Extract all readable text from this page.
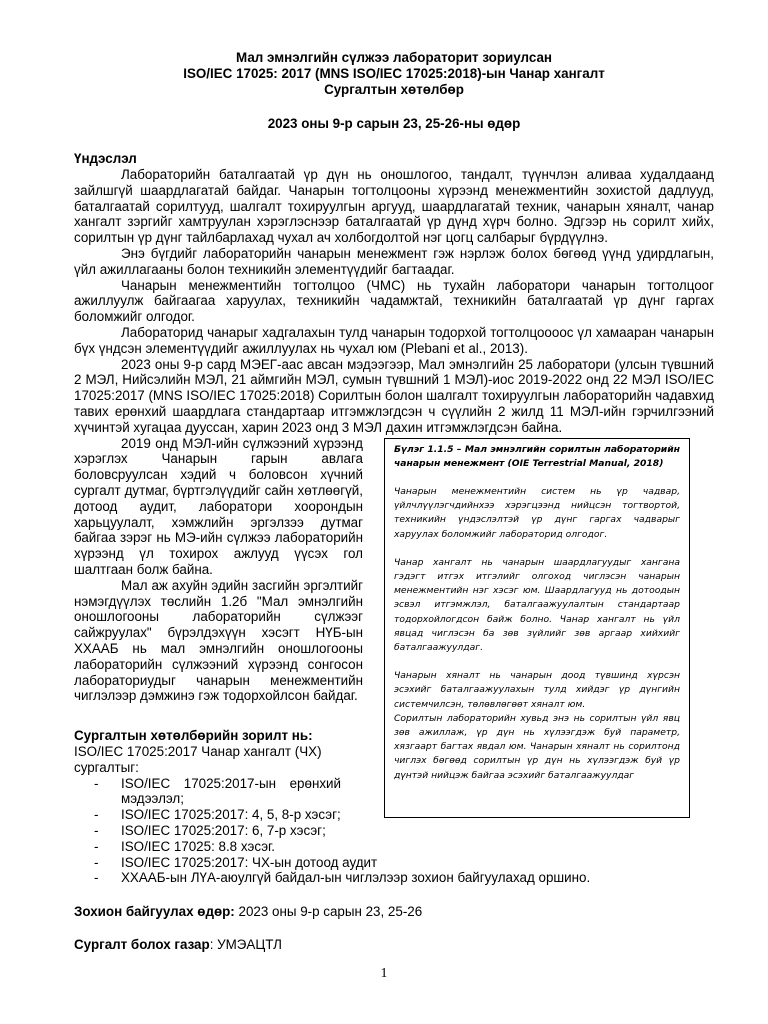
Мал эмнэлгийн сүлжээ лабораторит зориулсан
ISO/IEC 17025: 2017 (MNS ISO/IEC 17025:2018)-ын Чанар хангалт
Сургалтын хөтөлбөр
2023 оны 9-р сарын 23, 25-26-ны өдөр
Үндэслэл

Лабораторийн баталгаатай үр дүн нь оношлогоо, тандалт, түүнчлэн аливаа худалдаанд зайлшгүй шаардлагатай байдаг. Чанарын тогтолцооны хүрээнд менежментийн зохистой дадлууд, баталгаатай сорилтууд, шалгалт тохируулгын аргууд, шаардлагатай техник, чанарын хяналт, чанар хангалт зэргийг хамтруулан хэрэглэснээр баталгаатай үр дүнд хүрч болно. Эдгээр нь сорилт хийх, сорилтын үр дүнг тайлбарлахад чухал ач холбогдолтой нэг цогц салбарыг бүрдүүлнэ.

Энэ бүгдийг лабораторийн чанарын менежмент гэж нэрлэж болох бөгөөд үүнд удирдлагын, үйл ажиллагааны болон техникийн элементүүдийг багтаадаг.

Чанарын менежментийн тогтолцоо (ЧМС) нь тухайн лаборатори чанарын тогтолцоог ажиллуулж байгаагаа харуулах, техникийн чадамжтай, техникийн баталгаатай үр дүнг гаргах боломжийг олгодог.

Лабораторид чанарыг хадгалахын тулд чанарын тодорхой тогтолцоооос үл хамааран чанарын бүх үндсэн элементүүдийг ажиллуулах нь чухал юм (Plebani et al., 2013).

2023 оны 9-р сард МЭЕГ-аас авсан мэдээгээр, Мал эмнэлгийн 25 лаборатори (улсын түвшний 2 МЭЛ, Нийсэлийн МЭЛ, 21 аймгийн МЭЛ, сумын түвшний 1 МЭЛ)-иос 2019-2022 онд 22 МЭЛ ISO/IEC 17025:2017 (MNS ISO/IEC 17025:2018) Сорилтын болон шалгалт тохируулгын лабораторийн чадавхид тавих ерөнхий шаардлага стандартаар итгэмжлэгдсэн ч сүүлийн 2 жилд 11 МЭЛ-ийн гэрчилгээний хүчинтэй хугацаа дууссан, харин 2023 онд 3 МЭЛ дахин итгэмжлэгдсэн байна.

2019 онд МЭЛ-ийн сүлжээний хүрээнд хэрэглэх Чанарын гарын авлага боловсруулсан хэдий ч боловсон хүчний сургалт дутмаг, бүртгэлүүдийг сайн хөтлөөгүй, дотоод аудит, лаборатори хоорондын харьцуулалт, хэмжлийн эргэлзээ дутмаг байгаа зэрэг нь МЭ-ийн сүлжээ лабораторийн хүрээнд үл тохирох ажлууд үүсэх гол шалтгаан болж байна.

Мал аж ахуйн эдийн засгийн эргэлтийг нэмэгдүүлэх төслийн 1.2б "Мал эмнэлгийн оношлогооны лабораторийн сүлжээг сайжруулах" бүрэлдэхүүн хэсэгт НҮБ-ын ХХААБ нь мал эмнэлгийн оношлогооны лабораторийн сүлжээний хүрээнд сонгосон лабораториудыг чанарын менежментийн чиглэлээр дэмжинэ гэж тодорхойлсон байдаг.

Бүлэг 1.1.5 – Мал эмнэлгийн сорилтын лабораторийн чанарын менежмент (OIE Terrestrial Manual, 2018)

Чанарын менежментийн систем нь үр чадвар, үйлчлүүлэгчдийнхээ хэрэгцээнд нийцсэн тогтвортой, техникийн үндэслэлтэй үр дүнг гаргах чадварыг харуулах боломжийг лабораторид олгодог.

Чанар хангалт нь чанарын шаардлагуудыг хангана гэдэгт итгэх итгэлийг олгоход чиглэсэн чанарын менежментийн нэг хэсэг юм. Шаардлагууд нь дотоодын эсвэл итгэмжлэл, баталгаажуулалтын стандартаар тодорхойлогдсон байж болно. Чанар хангалт нь үйл явцад чиглэсэн ба зөв зүйлийг зөв аргаар хийхийг баталгаажуулдаг.

Чанарын хяналт нь чанарын доод түвшинд хүрсэн эсэхийг баталгаажуулахын тулд хийдэг үр дүнгийн системчилсэн, төлөвлөгөөт хяналт юм.

Сорилтын лабораторийн хувьд энэ нь сорилтын үйл явц зөв ажиллаж, үр дүн нь хүлээгдэж буй параметр, хязгаарт багтах явдал юм. Чанарын хяналт нь сорилтонд чиглэх бөгөөд сорилтын үр дүн нь хүлээгдэж буй үр дүнтэй нийцэж байгаа эсэхийг баталгаажуулдаг

Сургалтын хөтөлбөрийн зорилт нь:

ISO/IEC 17025:2017 Чанар хангалт (ЧХ)

сургалтыг:

- ISO/IEC 17025:2017-ын ерөнхий мэдээлэл;
- ISO/IEC 17025:2017: 4, 5, 8-р хэсэг;
- ISO/IEC 17025:2017: 6, 7-р хэсэг;
- ISO/IEC 17025: 8.8 хэсэг.
- ISO/IEC 17025:2017: ЧХ-ын дотоод аудит
- ХХААБ-ын ЛҮА-аюулгүй байдал-ын чиглэлээр зохион байгуулахад оршино.
Зохион байгуулах өдөр: 2023 оны 9-р сарын 23, 25-26
Сургалт болох газар: УМЭАЦТЛ
1
